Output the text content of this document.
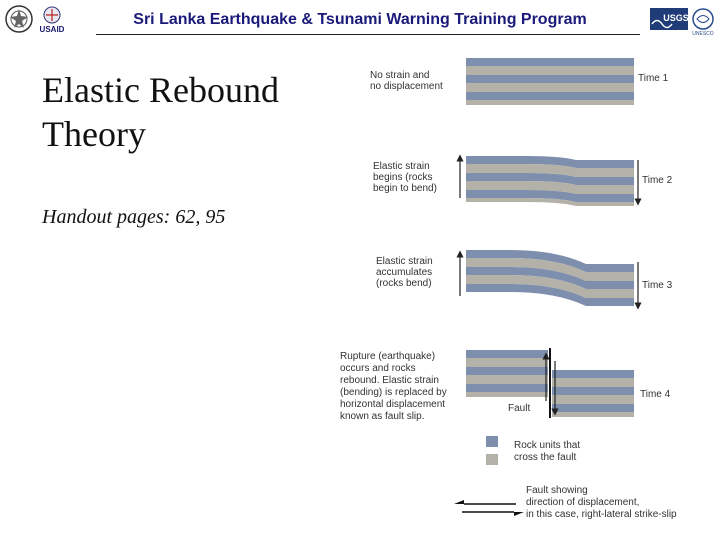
USAID
USGS
UNESCO
Sri Lanka Earthquake & Tsunami Warning Training Program
Elastic Rebound
Theory
Handout pages: 62, 95
No strain and
no displacement
Time 1
Elastic strain
begins (rocks
begin to bend)
Time 2
Elastic strain
accumulates
(rocks bend)	Time 3
Rupture (earthquake)
occurs and rocks
rebound. Elastic strain
(bending) is replaced by
horizontal displacement
known as fault slip.
Fault
Time 4
Rock units that
cross the fault
Fault showing
direction of displacement,
in this case, right-lateral strike-slip
